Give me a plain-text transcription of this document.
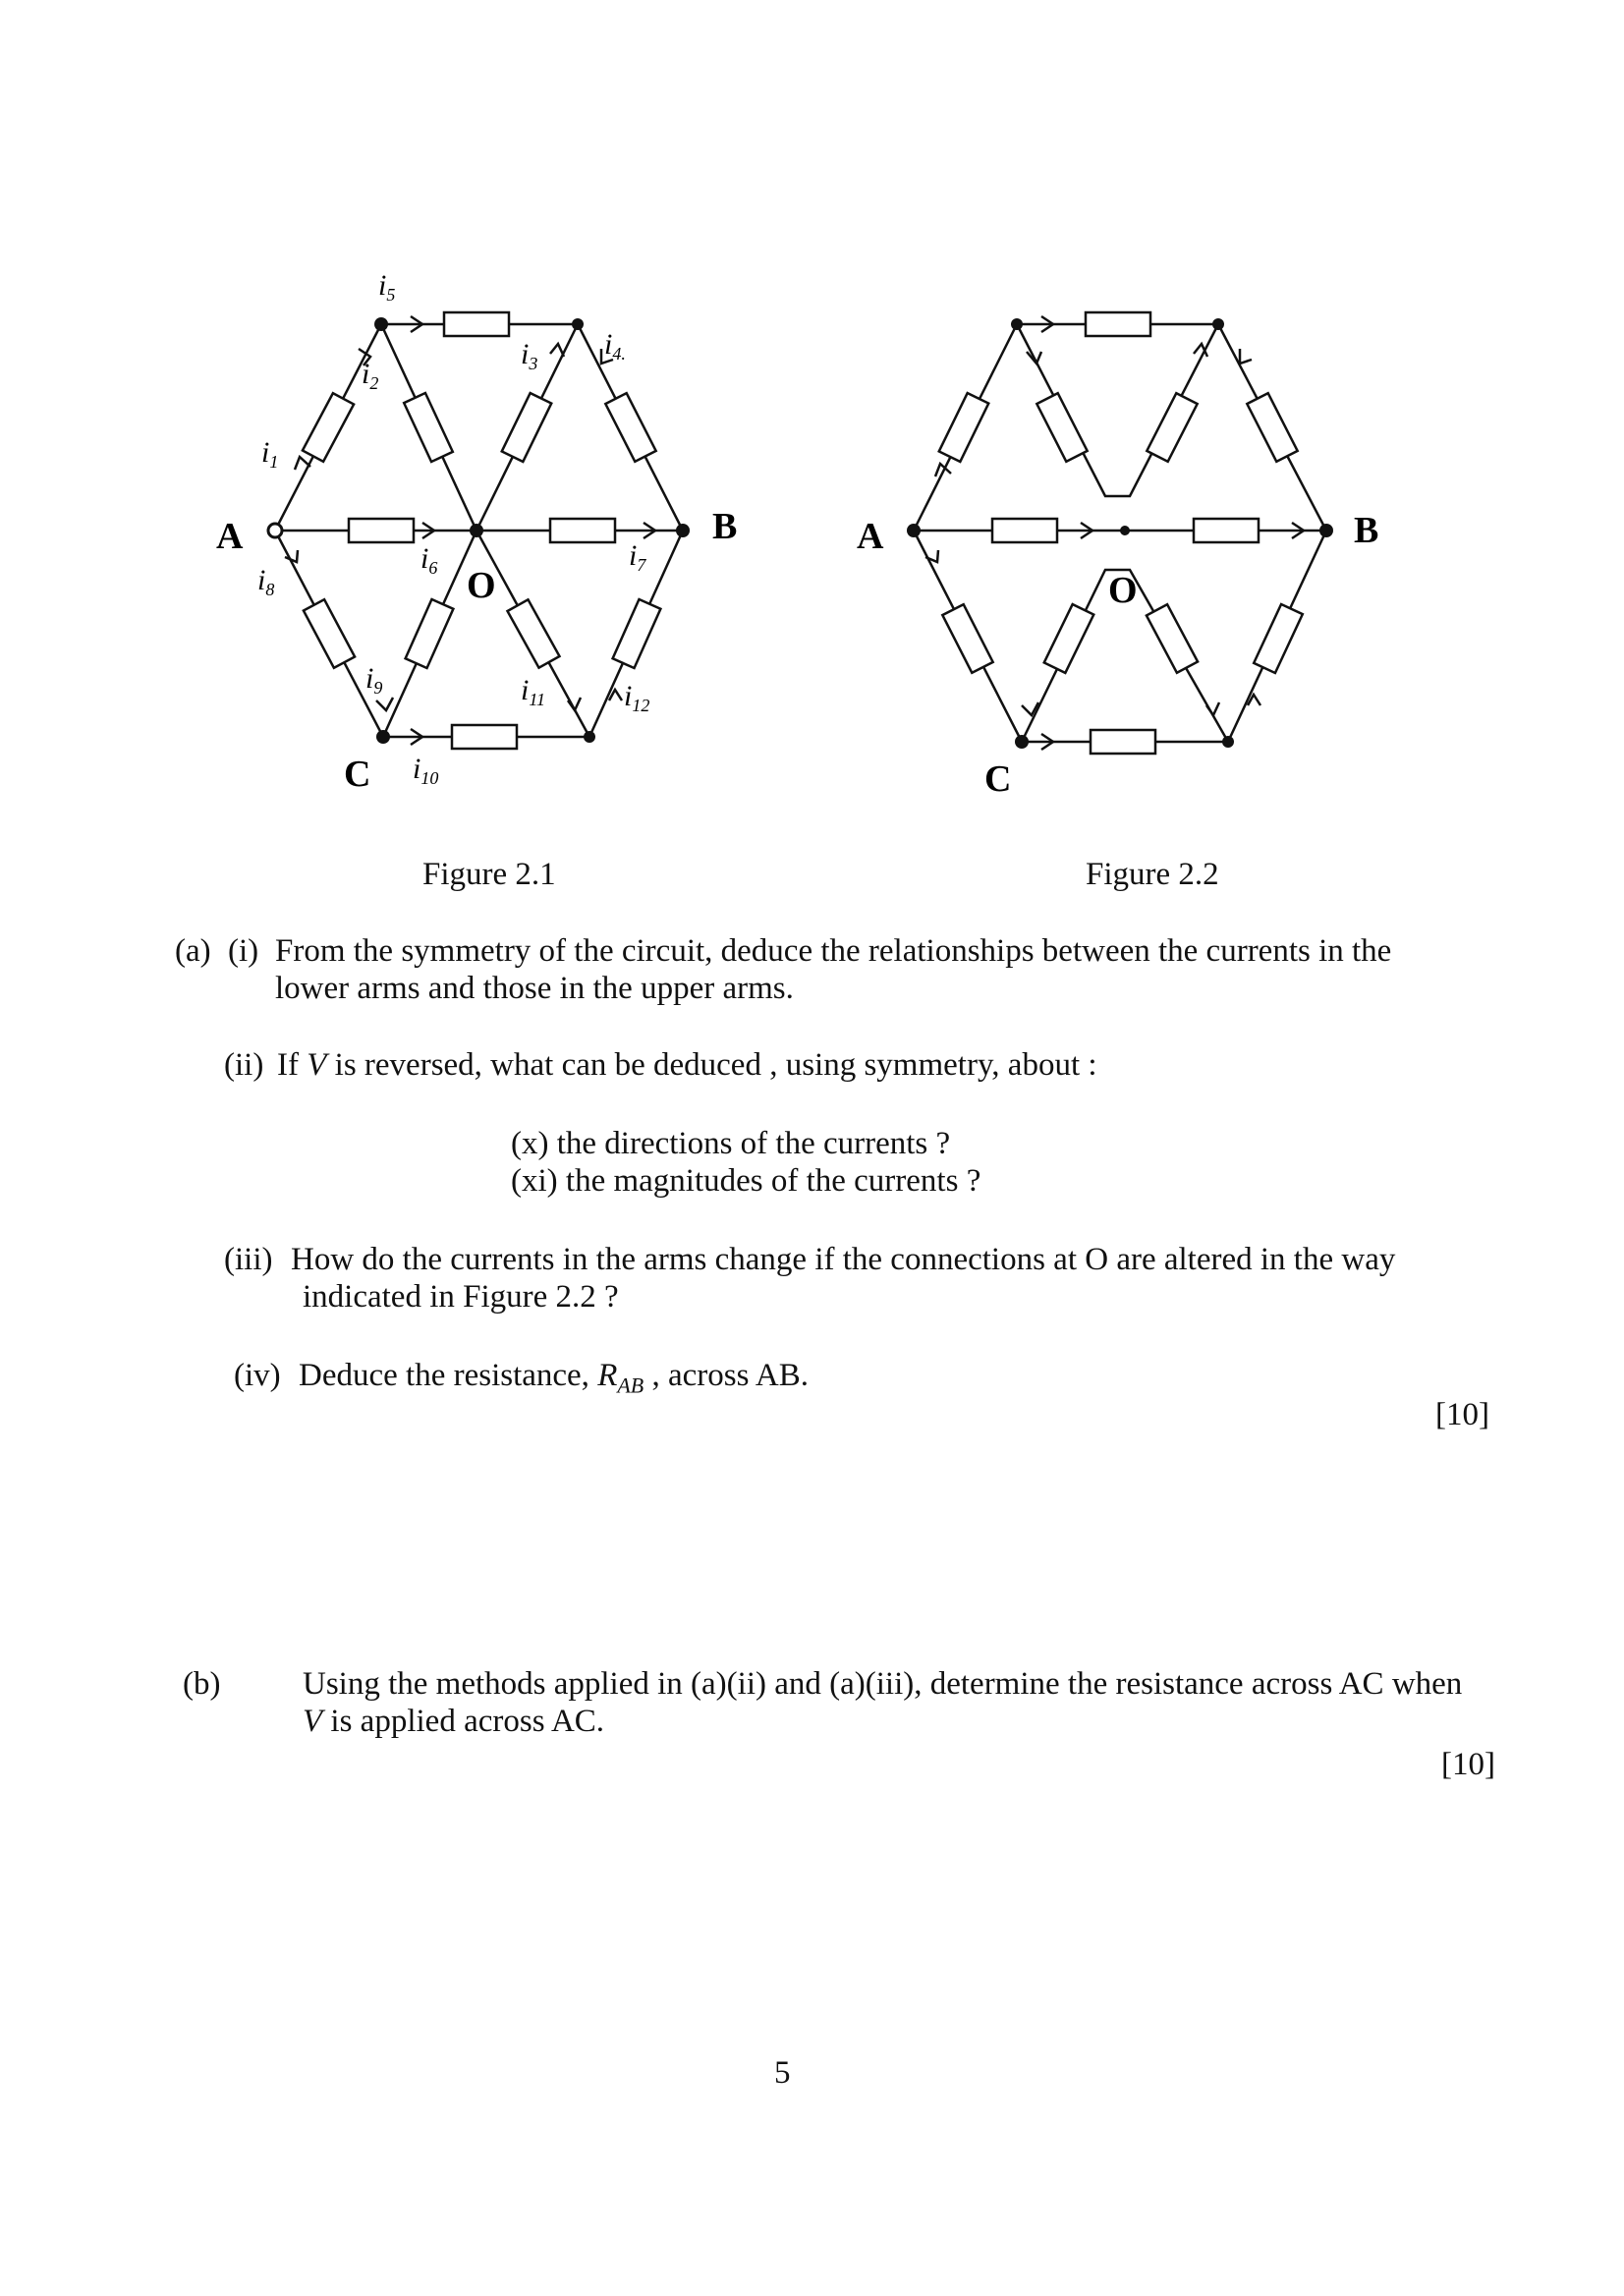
A	B
C
O
$i_5$
$i_2$
$i_3$
$i_{4.}$
$i_1$
$i_6$	$i_7$
$i_8$
$i_9$	$i_{11}$	$i_{12}$
$i_{10}$
A	B
C
O
Figure 2.1	Figure 2.2
(a) (i) From the symmetry of the circuit, deduce the relationships between the currents in the
lower arms and those in the upper arms.
(ii) If V is reversed, what can be deduced , using symmetry, about :
(x) the directions of the currents ?
(xi) the magnitudes of the currents ?
(iii) How do the currents in the arms change if the connections at O are altered in the way
indicated in Figure 2.2 ?
(iv) Deduce the resistance, $R_{AB}$ , across AB.
[10]
(b)	Using the methods applied in (a)(ii) and (a)(iii), determine the resistance across AC when
V is applied across AC.
[10]
5
